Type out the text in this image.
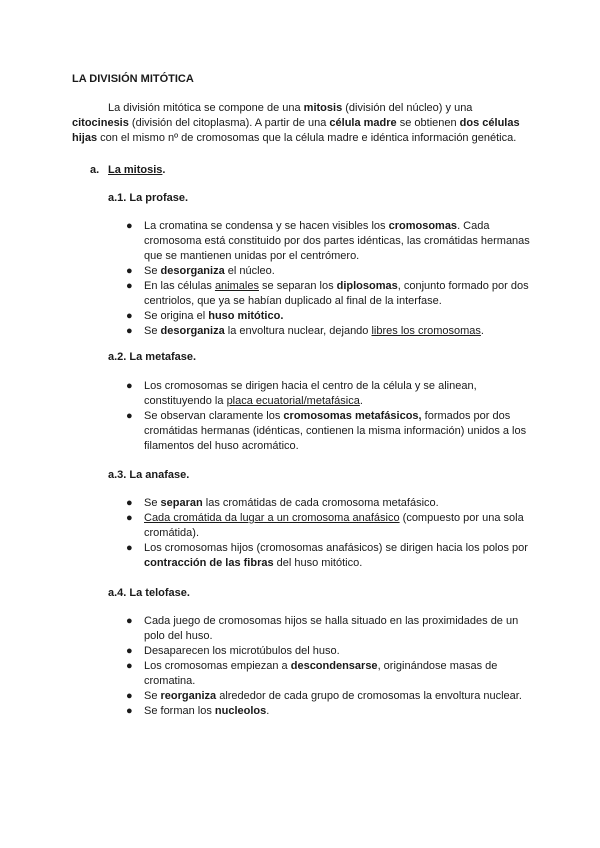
LA DIVISIÓN MITÓTICA

La división mitótica se compone de una mitosis (división del núcleo) y una citocinesis (división del citoplasma). A partir de una célula madre se obtienen dos células hijas con el mismo nº de cromosomas que la célula madre e idéntica información genética.

a. La mitosis.
a.1. La profase.
● La cromatina se condensa y se hacen visibles los cromosomas. Cada cromosoma está constituido por dos partes idénticas, las cromátidas hermanas que se mantienen unidas por el centrómero.
● Se desorganiza el núcleo.
● En las células animales se separan los diplosomas, conjunto formado por dos centriolos, que ya se habían duplicado al final de la interfase.
● Se origina el huso mitótico.
● Se desorganiza la envoltura nuclear, dejando libres los cromosomas.
a.2. La metafase.
● Los cromosomas se dirigen hacia el centro de la célula y se alinean, constituyendo la placa ecuatorial/metafásica.
● Se observan claramente los cromosomas metafásicos, formados por dos cromátidas hermanas (idénticas, contienen la misma información) unidos a los filamentos del huso acromático.
a.3. La anafase.
● Se separan las cromátidas de cada cromosoma metafásico.
● Cada cromátida da lugar a un cromosoma anafásico (compuesto por una sola cromátida).
● Los cromosomas hijos (cromosomas anafásicos) se dirigen hacia los polos por contracción de las fibras del huso mitótico.
a.4. La telofase.
● Cada juego de cromosomas hijos se halla situado en las proximidades de un polo del huso.
● Desaparecen los microtúbulos del huso.
● Los cromosomas empiezan a descondensarse, originándose masas de cromatina.
● Se reorganiza alrededor de cada grupo de cromosomas la envoltura nuclear.
● Se forman los nucleolos.
